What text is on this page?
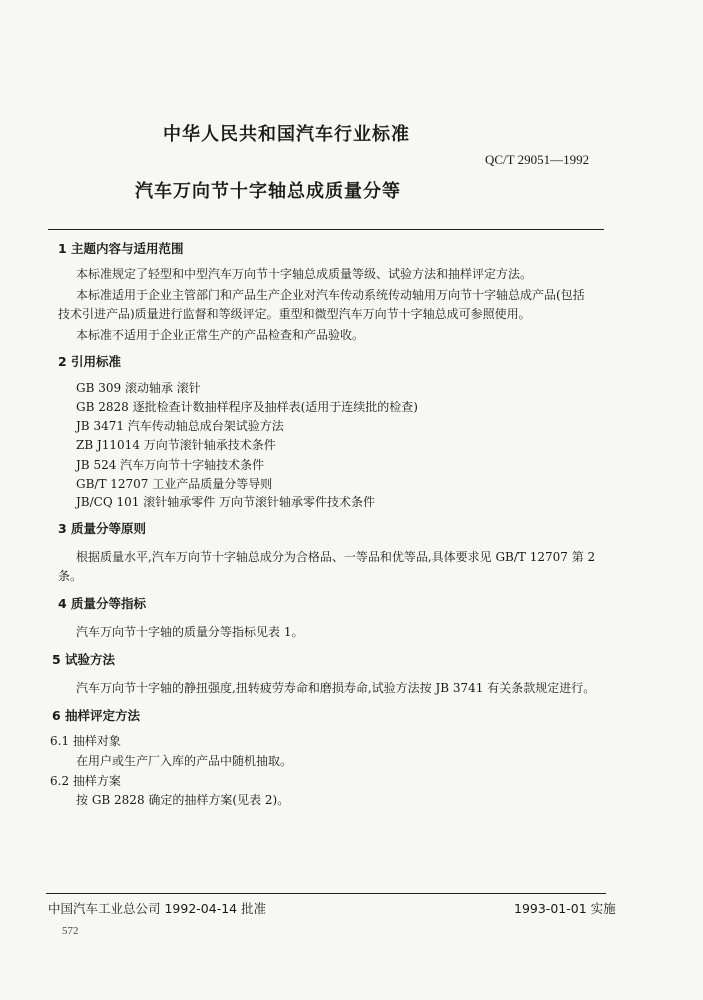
中华人民共和国汽车行业标准
QC/T 29051—1992
汽车万向节十字轴总成质量分等
1 主题内容与适用范围
本标准规定了轻型和中型汽车万向节十字轴总成质量等级、试验方法和抽样评定方法。
本标准适用于企业主管部门和产品生产企业对汽车传动系统传动轴用万向节十字轴总成产品(包括
技术引进产品)质量进行监督和等级评定。重型和微型汽车万向节十字轴总成可参照使用。
本标准不适用于企业正常生产的产品检查和产品验收。
2 引用标准
GB 309 滚动轴承 滚针
GB 2828 逐批检查计数抽样程序及抽样表(适用于连续批的检查)
JB 3471 汽车传动轴总成台架试验方法
ZB J11014 万向节滚针轴承技术条件
JB 524 汽车万向节十字轴技术条件
GB/T 12707 工业产品质量分等导则
JB/CQ 101 滚针轴承零件 万向节滚针轴承零件技术条件
3 质量分等原则
根据质量水平,汽车万向节十字轴总成分为合格品、一等品和优等品,具体要求见 GB/T 12707 第 2
条。
4 质量分等指标
汽车万向节十字轴的质量分等指标见表 1。
5 试验方法
汽车万向节十字轴的静扭强度,扭转疲劳寿命和磨损寿命,试验方法按 JB 3741 有关条款规定进行。
6 抽样评定方法
6.1 抽样对象
在用户或生产厂入库的产品中随机抽取。
6.2 抽样方案
按 GB 2828 确定的抽样方案(见表 2)。
中国汽车工业总公司 1992-04-14 批准	1993-01-01 实施
572
